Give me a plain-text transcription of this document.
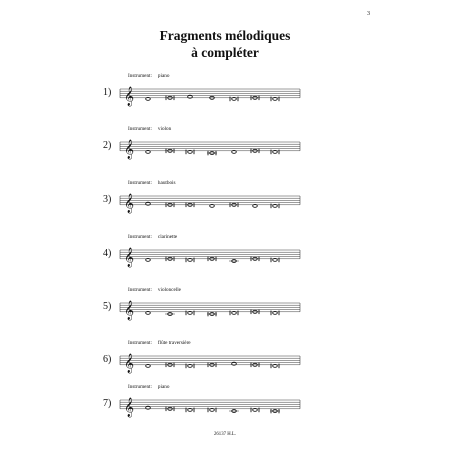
3
Fragments mélodiques
à compléter
Instrument: piano
1) 𝄞
Instrument: violon
2) 𝄞
Instrument: hautbois
3) 𝄞
Instrument: clarinette
4) 𝄞
Instrument: violoncelle
5) 𝄞
Instrument: flûte traversière
6) 𝄞
Instrument: piano
7) 𝄞
26137 H.L.
